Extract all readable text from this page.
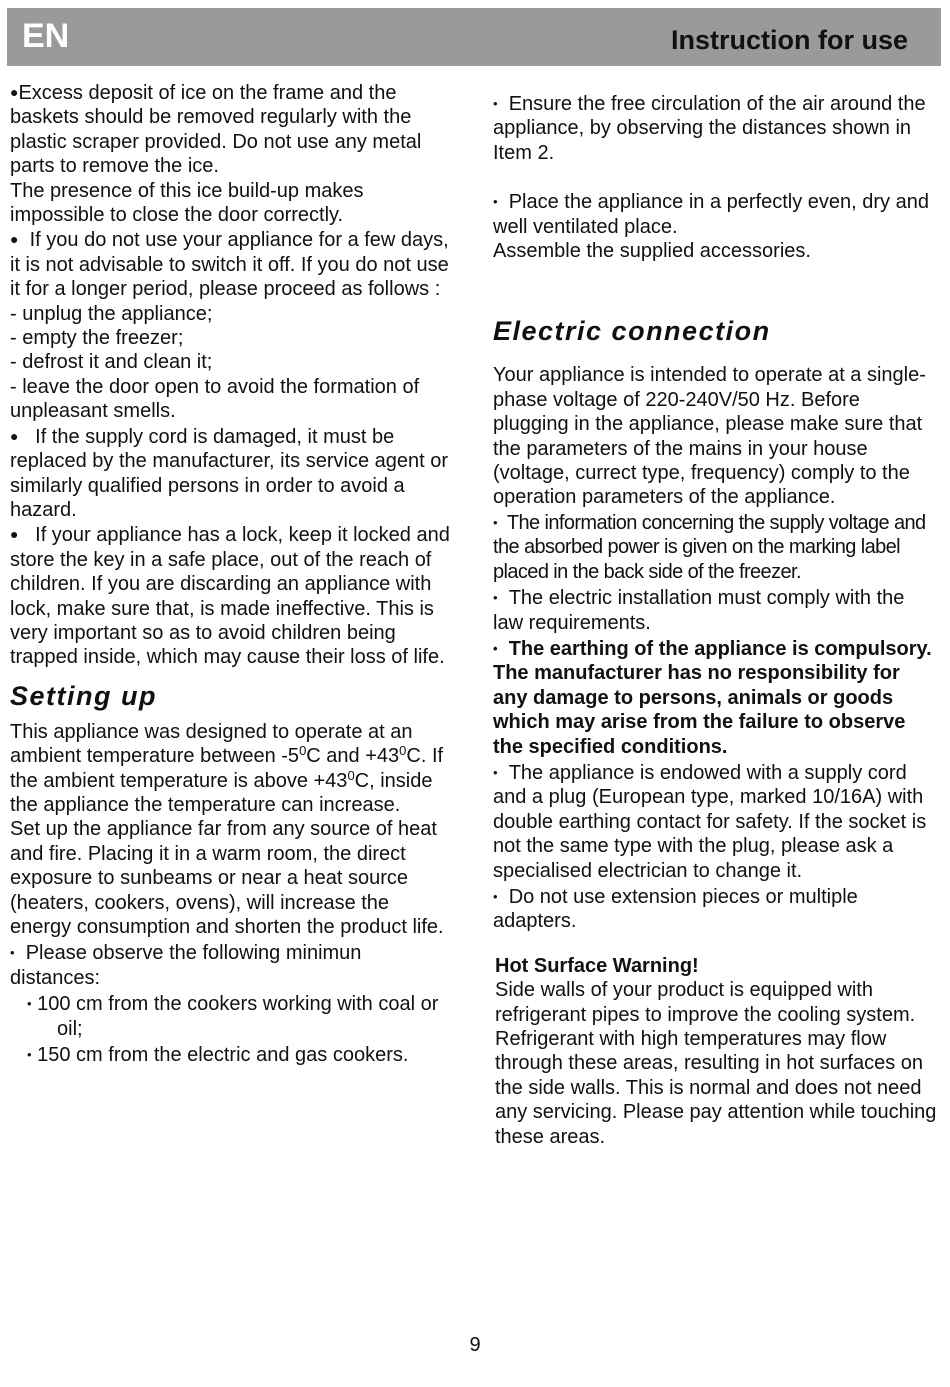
EN	Instruction for use

●Excess deposit of ice on the frame and the baskets should be removed regularly with the plastic scraper provided. Do not use any metal parts to remove the ice.

The presence of this ice build-up makes impossible to close the door correctly.

● If you do not use your appliance for a few days, it is not advisable to switch it off. If you do not use it for a longer period, please proceed as follows :

- unplug the appliance;

- empty the freezer;

- defrost it and clean it;

- leave the door open to avoid the formation of unpleasant smells.

● If the supply cord is damaged, it must be replaced by the manufacturer, its service agent or similarly qualified persons in order to avoid a hazard.

● If your appliance has a lock, keep it locked and store the key in a safe place, out of the reach of children. If you are discarding an appliance with lock, make sure that, is made ineffective. This is very important so as to avoid children being trapped inside, which may cause their loss of life.

Setting up

This appliance was designed to operate at an ambient temperature between $-5^0C$ and $+43^0C$. If the ambient temperature is above $+43^0C$, inside the appliance the temperature can increase.

Set up the appliance far from any source of heat and fire. Placing it in a warm room, the direct exposure to sunbeams or near a heat source (heaters, cookers, ovens), will increase the energy consumption and shorten the product life.

• Please observe the following minimun distances:

• 100 cm from the cookers working with coal or oil;

• 150 cm from the electric and gas cookers.

• Ensure the free circulation of the air around the appliance, by observing the distances shown in Item 2.

• Place the appliance in a perfectly even, dry and well ventilated place.

Assemble the supplied accessories.

Electric connection

Your appliance is intended to operate at a single-phase voltage of 220-240V/50 Hz. Before plugging in the appliance, please make sure that the parameters of the mains in your house (voltage, currect type, frequency) comply to the operation parameters of the appliance.

• The information concerning the supply voltage and the absorbed power is given on the marking label placed in the back side of the freezer.

• The electric installation must comply with the law requirements.

• The earthing of the appliance is compulsory. The manufacturer has no responsibility for any damage to persons, animals or goods which may arise from the failure to observe the specified conditions.

• The appliance is endowed with a supply cord and a plug (European type, marked 10/16A) with double earthing contact for safety. If the socket is not the same type with the plug, please ask a specialised electrician to change it.

• Do not use extension pieces or multiple adapters.

Hot Surface Warning!

Side walls of your product is equipped with refrigerant pipes to improve the cooling system. Refrigerant with high temperatures may flow through these areas, resulting in hot surfaces on the side walls. This is normal and does not need any servicing. Please pay attention while touching these areas.

9
